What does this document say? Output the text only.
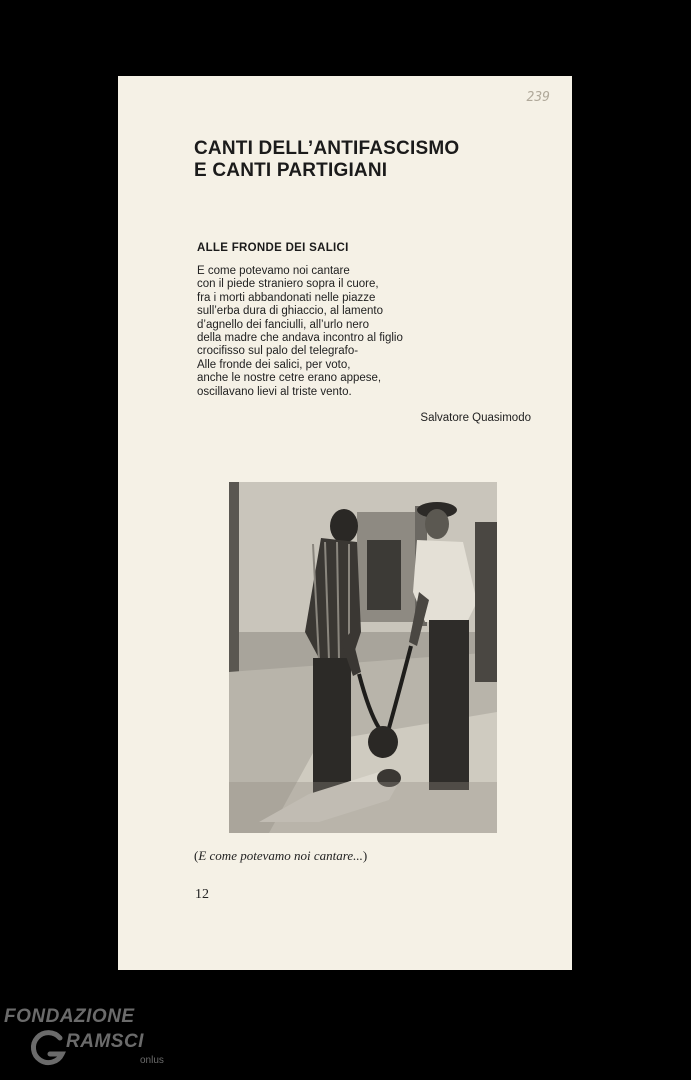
239
CANTI DELL’ANTIFASCISMO
E CANTI PARTIGIANI
ALLE FRONDE DEI SALICI
E come potevamo noi cantare
con il piede straniero sopra il cuore,
fra i morti abbandonati nelle piazze
sull’erba dura di ghiaccio, al lamento
d’agnello dei fanciulli, all’urlo nero
della madre che andava incontro al figlio
crocifisso sul palo del telegrafo-
Alle fronde dei salici, per voto,
anche le nostre cetre erano appese,
oscillavano lievi al triste vento.
Salvatore Quasimodo
(E come potevamo noi cantare...)
12
FONDAZIONE
RAMSCI
onlus
